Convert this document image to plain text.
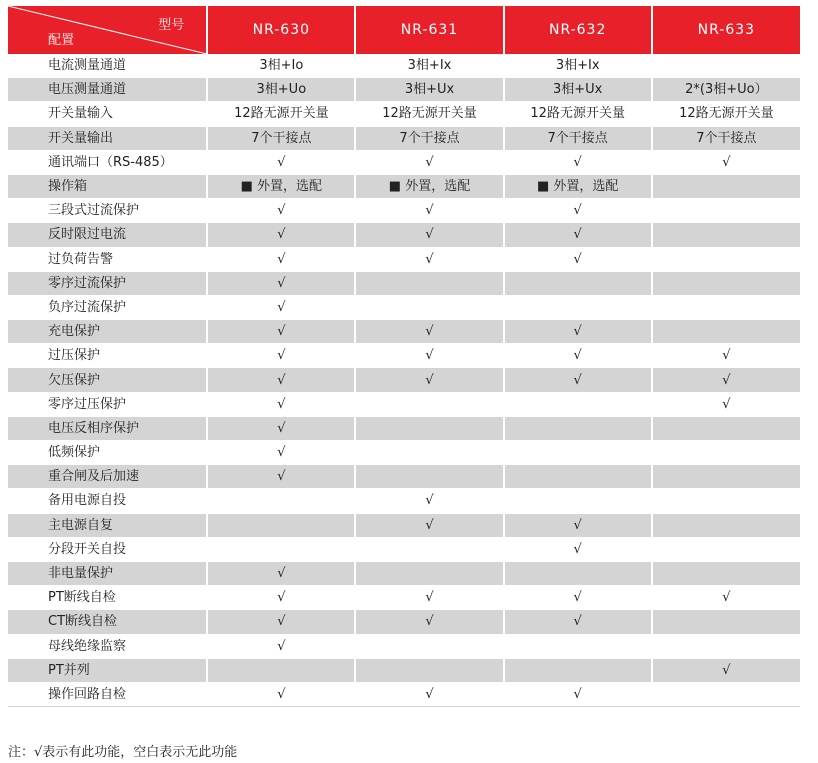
型号
配置	NR-630	NR-631	NR-632	NR-633
电流测量通道	3相+Io	3相+Ix	3相+Ix	
电压测量通道	3相+Uo	3相+Ux	3相+Ux	2*(3相+Uo）
开关量输入	12路无源开关量	12路无源开关量	12路无源开关量	12路无源开关量
开关量输出	7个干接点	7个干接点	7个干接点	7个干接点
通讯端口（RS-485）	√	√	√	√
操作箱	■ 外置，选配	■ 外置，选配	■ 外置，选配	
三段式过流保护	√	√	√	
反时限过电流	√	√	√	
过负荷告警	√	√	√	
零序过流保护	√			
负序过流保护	√			
充电保护	√	√	√	
过压保护	√	√	√	√
欠压保护	√	√	√	√
零序过压保护	√			√
电压反相序保护	√			
低频保护	√			
重合闸及后加速	√			
备用电源自投		√		
主电源自复		√	√	
分段开关自投			√	
非电量保护	√			
PT断线自检	√	√	√	√
CT断线自检	√	√	√	
母线绝缘监察	√			
PT并列				√
操作回路自检	√	√	√	
注：√表示有此功能，空白表示无此功能
